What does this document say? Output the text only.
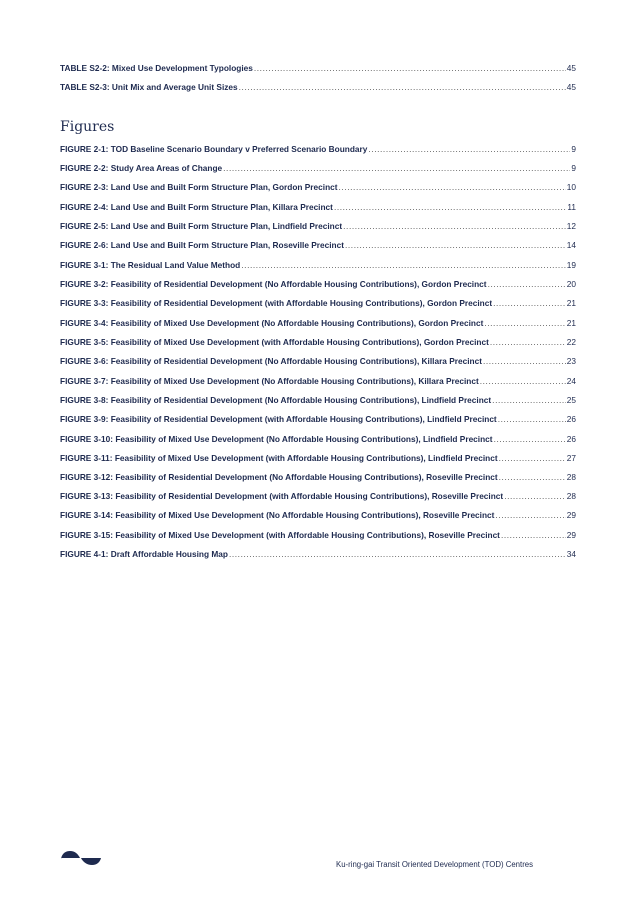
TABLE S2-2: Mixed Use Development Typologies .....	45
TABLE S2-3: Unit Mix and Average Unit Sizes .....	45
Figures
FIGURE 2-1: TOD Baseline Scenario Boundary v Preferred Scenario Boundary .....	9
FIGURE 2-2: Study Area Areas of Change .....	9
FIGURE 2-3: Land Use and Built Form Structure Plan, Gordon Precinct .....	10
FIGURE 2-4: Land Use and Built Form Structure Plan, Killara Precinct .....	11
FIGURE 2-5: Land Use and Built Form Structure Plan, Lindfield Precinct .....	12
FIGURE 2-6: Land Use and Built Form Structure Plan, Roseville Precinct .....	14
FIGURE 3-1: The Residual Land Value Method .....	19
FIGURE 3-2: Feasibility of Residential Development (No Affordable Housing Contributions), Gordon Precinct .....	20
FIGURE 3-3: Feasibility of Residential Development (with Affordable Housing Contributions), Gordon Precinct .....	21
FIGURE 3-4: Feasibility of Mixed Use Development (No Affordable Housing Contributions), Gordon Precinct .....	21
FIGURE 3-5: Feasibility of Mixed Use Development (with Affordable Housing Contributions), Gordon Precinct .....	22
FIGURE 3-6: Feasibility of Residential Development (No Affordable Housing Contributions), Killara Precinct .....	23
FIGURE 3-7: Feasibility of Mixed Use Development (No Affordable Housing Contributions), Killara Precinct .....	24
FIGURE 3-8: Feasibility of Residential Development (No Affordable Housing Contributions), Lindfield Precinct .....	25
FIGURE 3-9: Feasibility of Residential Development (with Affordable Housing Contributions), Lindfield Precinct .....	26
FIGURE 3-10: Feasibility of Mixed Use Development (No Affordable Housing Contributions), Lindfield Precinct .....	26
FIGURE 3-11: Feasibility of Mixed Use Development (with Affordable Housing Contributions), Lindfield Precinct .....	27
FIGURE 3-12: Feasibility of Residential Development (No Affordable Housing Contributions), Roseville Precinct .....	28
FIGURE 3-13: Feasibility of Residential Development (with Affordable Housing Contributions), Roseville Precinct .....	28
FIGURE 3-14: Feasibility of Mixed Use Development (No Affordable Housing Contributions), Roseville Precinct .....	29
FIGURE 3-15: Feasibility of Mixed Use Development (with Affordable Housing Contributions), Roseville Precinct .....	29
FIGURE 4-1: Draft Affordable Housing Map .....	34
Ku-ring-gai Transit Oriented Development (TOD) Centres
